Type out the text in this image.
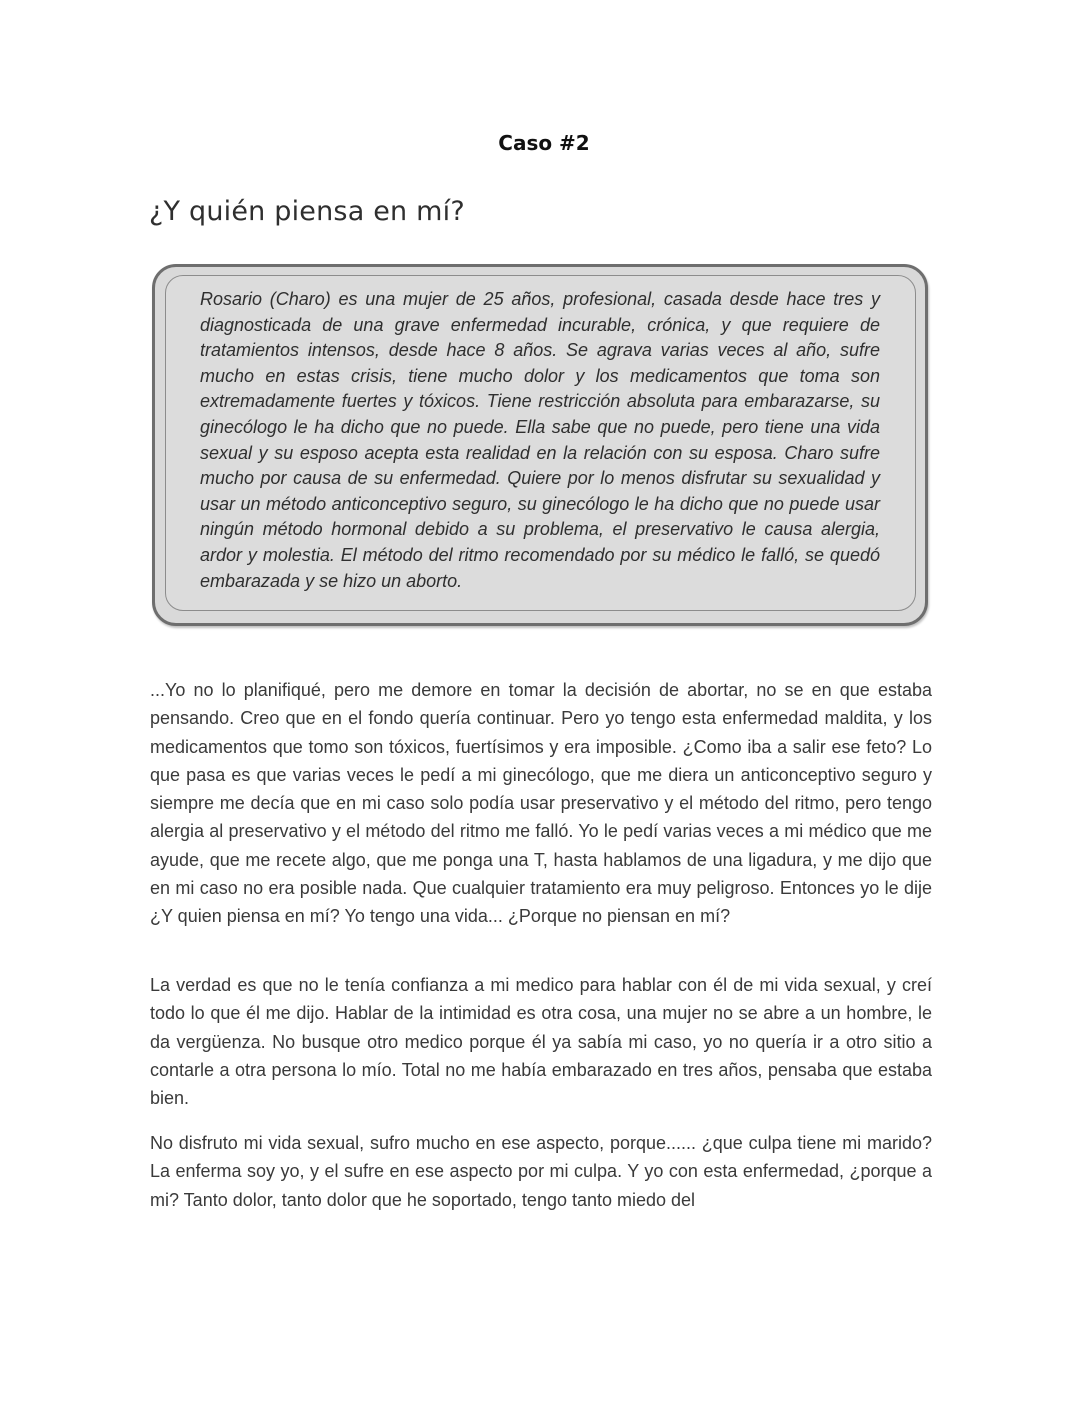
Caso #2
¿Y quién piensa en mí?

Rosario (Charo) es una mujer de 25 años, profesional, casada desde hace tres y diagnosticada de una grave enfermedad incurable, crónica, y que requiere de tratamientos intensos, desde hace 8 años. Se agrava varias veces al año, sufre mucho en estas crisis, tiene mucho dolor y los medicamentos que toma son extremadamente fuertes y tóxicos. Tiene restricción absoluta para embarazarse, su ginecólogo le ha dicho que no puede. Ella sabe que no puede, pero tiene una vida sexual y su esposo acepta esta realidad en la relación con su esposa. Charo sufre mucho por causa de su enfermedad. Quiere por lo menos disfrutar su sexualidad y usar un método anticonceptivo seguro, su ginecólogo le ha dicho que no puede usar ningún método hormonal debido a su problema, el preservativo le causa alergia, ardor y molestia. El método del ritmo recomendado por su médico le falló, se quedó embarazada y se hizo un aborto.

...Yo no lo planifiqué, pero me demore en tomar la decisión de abortar, no se en que estaba pensando. Creo que en el fondo quería continuar. Pero yo tengo esta enfermedad maldita, y los medicamentos que tomo son tóxicos, fuertísimos y era imposible. ¿Como iba a salir ese feto? Lo que pasa es que varias veces le pedí a mi ginecólogo, que me diera un anticonceptivo seguro y siempre me decía que en mi caso solo podía usar preservativo y el método del ritmo, pero tengo alergia al preservativo y el método del ritmo me falló. Yo le pedí varias veces a mi médico que me ayude, que me recete algo, que me ponga una T, hasta hablamos de una ligadura, y me dijo que en mi caso no era posible nada. Que cualquier tratamiento era muy peligroso. Entonces yo le dije ¿Y quien piensa en mí? Yo tengo una vida... ¿Porque no piensan en mí?

La verdad es que no le tenía confianza a mi medico para hablar con él de mi vida sexual, y creí todo lo que él me dijo. Hablar de la intimidad es otra cosa, una mujer no se abre a un hombre, le da vergüenza. No busque otro medico porque él ya sabía mi caso, yo no quería ir a otro sitio a contarle a otra persona lo mío. Total no me había embarazado en tres años, pensaba que estaba bien.

No disfruto mi vida sexual, sufro mucho en ese aspecto, porque...... ¿que culpa tiene mi marido? La enferma soy yo, y el sufre en ese aspecto por mi culpa. Y yo con esta enfermedad, ¿porque a mi? Tanto dolor, tanto dolor que he soportado, tengo tanto miedo del
